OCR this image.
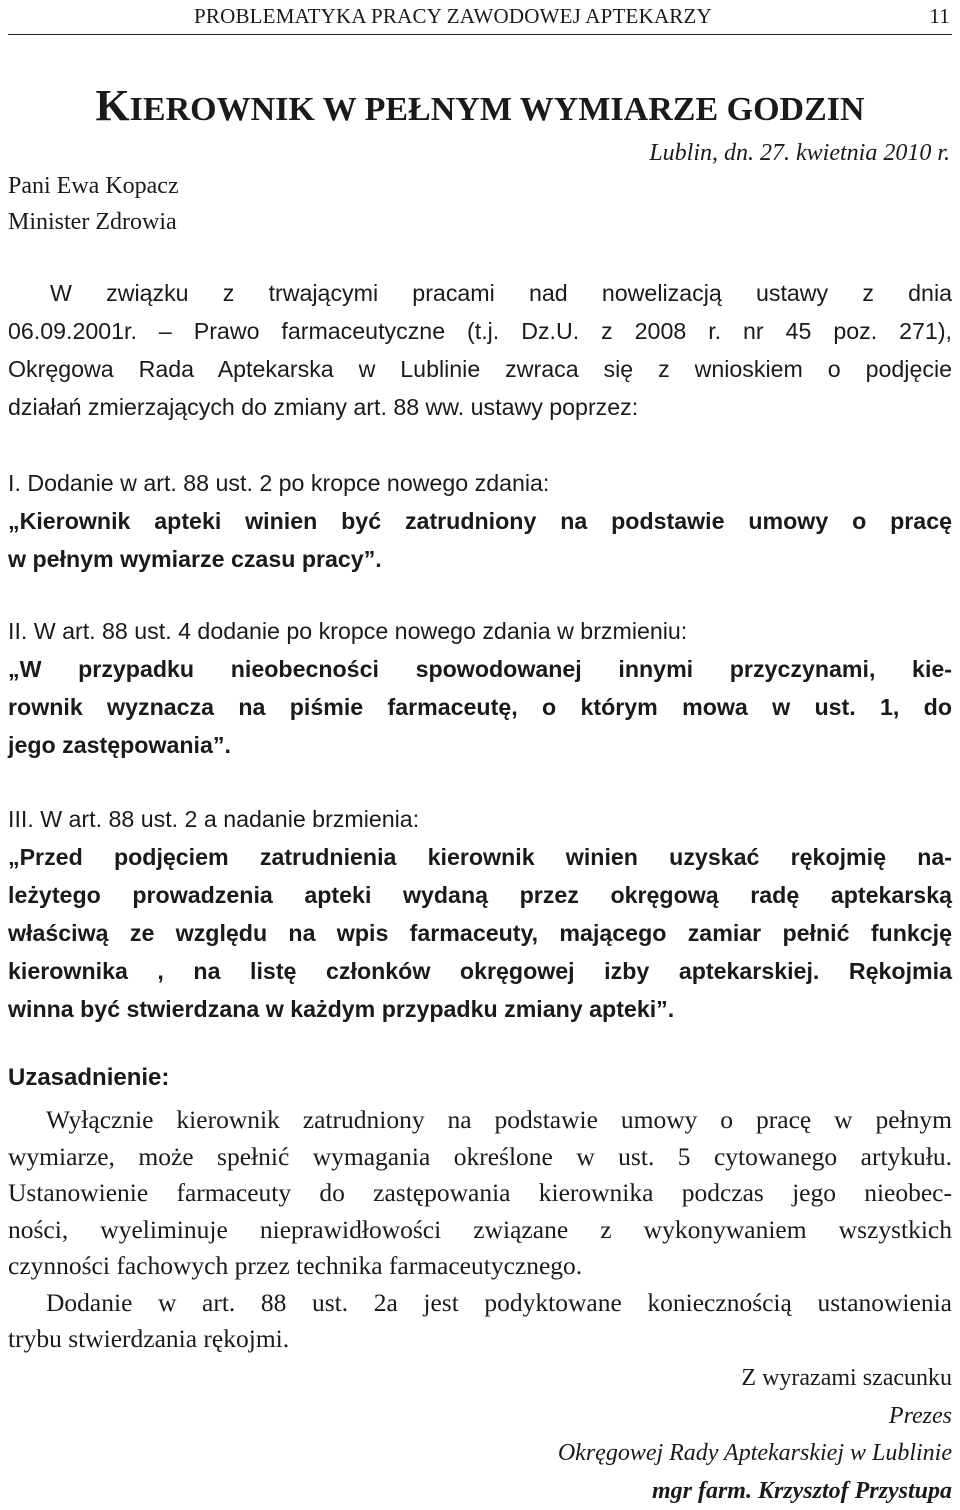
PROBLEMATYKA PRACY ZAWODOWEJ APTEKARZY	11
KIEROWNIK W PEŁNYM WYMIARZE GODZIN
Lublin, dn. 27. kwietnia 2010 r.
Pani Ewa Kopacz
Minister Zdrowia
W związku z trwającymi pracami nad nowelizacją ustawy z dnia
06.09.2001r. – Prawo farmaceutyczne (t.j. Dz.U. z 2008 r. nr 45 poz. 271),
Okręgowa Rada Aptekarska w Lublinie zwraca się z wnioskiem o podjęcie
działań zmierzających do zmiany art. 88 ww. ustawy poprzez:
I. Dodanie w art. 88 ust. 2 po kropce nowego zdania:
„Kierownik apteki winien być zatrudniony na podstawie umowy o pracę
w pełnym wymiarze czasu pracy”.
II. W art. 88 ust. 4 dodanie po kropce nowego zdania w brzmieniu:
„W przypadku nieobecności spowodowanej innymi przyczynami, kie-
rownik wyznacza na piśmie farmaceutę, o którym mowa w ust. 1, do
jego zastępowania”.
III. W art. 88 ust. 2 a nadanie brzmienia:
„Przed podjęciem zatrudnienia kierownik winien uzyskać rękojmię na-
leżytego prowadzenia apteki wydaną przez okręgową radę aptekarską
właściwą ze względu na wpis farmaceuty, mającego zamiar pełnić funkcję
kierownika , na listę członków okręgowej izby aptekarskiej. Rękojmia
winna być stwierdzana w każdym przypadku zmiany apteki”.
Uzasadnienie:
Wyłącznie kierownik zatrudniony na podstawie umowy o pracę w pełnym
wymiarze, może spełnić wymagania określone w ust. 5 cytowanego artykułu.
Ustanowienie farmaceuty do zastępowania kierownika podczas jego nieobec-
ności, wyeliminuje nieprawidłowości związane z wykonywaniem wszystkich
czynności fachowych przez technika farmaceutycznego.
Dodanie w art. 88 ust. 2a jest podyktowane koniecznością ustanowienia
trybu stwierdzania rękojmi.
Z wyrazami szacunku
Prezes
Okręgowej Rady Aptekarskiej w Lublinie
mgr farm. Krzysztof Przystupa
